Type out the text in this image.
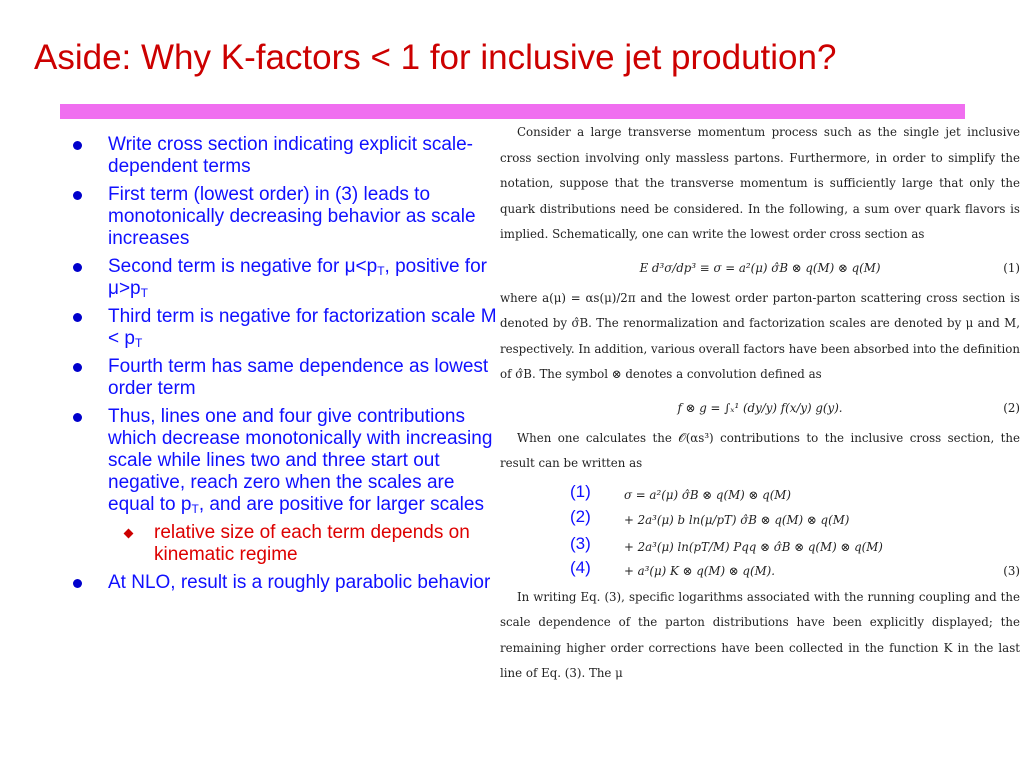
Aside: Why K-factors < 1 for inclusive jet prodution?
Write cross section indicating explicit scale-dependent terms
First term (lowest order) in (3) leads to monotonically decreasing behavior as scale increases
Second term is negative for $\mu<p_T$, positive for $\mu>p_T$
Third term is negative for factorization scale $M < p_T$
Fourth term has same dependence as lowest order term
Thus, lines one and four give contributions which decrease monotonically with increasing scale while lines two and three start out negative, reach zero when the scales are equal to $p_T$, and are positive for larger scales
relative size of each term depends on kinematic regime
At NLO, result is a roughly parabolic behavior

Consider a large transverse momentum process such as the single jet inclusive cross section involving only massless partons. Furthermore, in order to simplify the notation, suppose that the transverse momentum is sufficiently large that only the quark distributions need be considered. In the following, a sum over quark flavors is implied. Schematically, one can write the lowest order cross section as

E d³σ/dp³ ≡ σ = a²(μ) σ̂B ⊗ q(M) ⊗ q(M)	(1)

where a(μ) = αs(μ)/2π and the lowest order parton-parton scattering cross section is denoted by σ̂B. The renormalization and factorization scales are denoted by μ and M, respectively. In addition, various overall factors have been absorbed into the definition of σ̂B. The symbol ⊗ denotes a convolution defined as

f ⊗ g = ∫ₓ¹ (dy/y) f(x/y) g(y).	(2)

When one calculates the 𝒪(αs³) contributions to the inclusive cross section, the result can be written as

(1)	σ = a²(μ) σ̂B ⊗ q(M) ⊗ q(M)
(2)	+ 2a³(μ) b ln(μ/pT) σ̂B ⊗ q(M) ⊗ q(M)
(3)	+ 2a³(μ) ln(pT/M) Pqq ⊗ σ̂B ⊗ q(M) ⊗ q(M)
(4)	+ a³(μ) K ⊗ q(M) ⊗ q(M).	(3)

In writing Eq. (3), specific logarithms associated with the running coupling and the scale dependence of the parton distributions have been explicitly displayed; the remaining higher order corrections have been collected in the function K in the last line of Eq. (3). The μ
